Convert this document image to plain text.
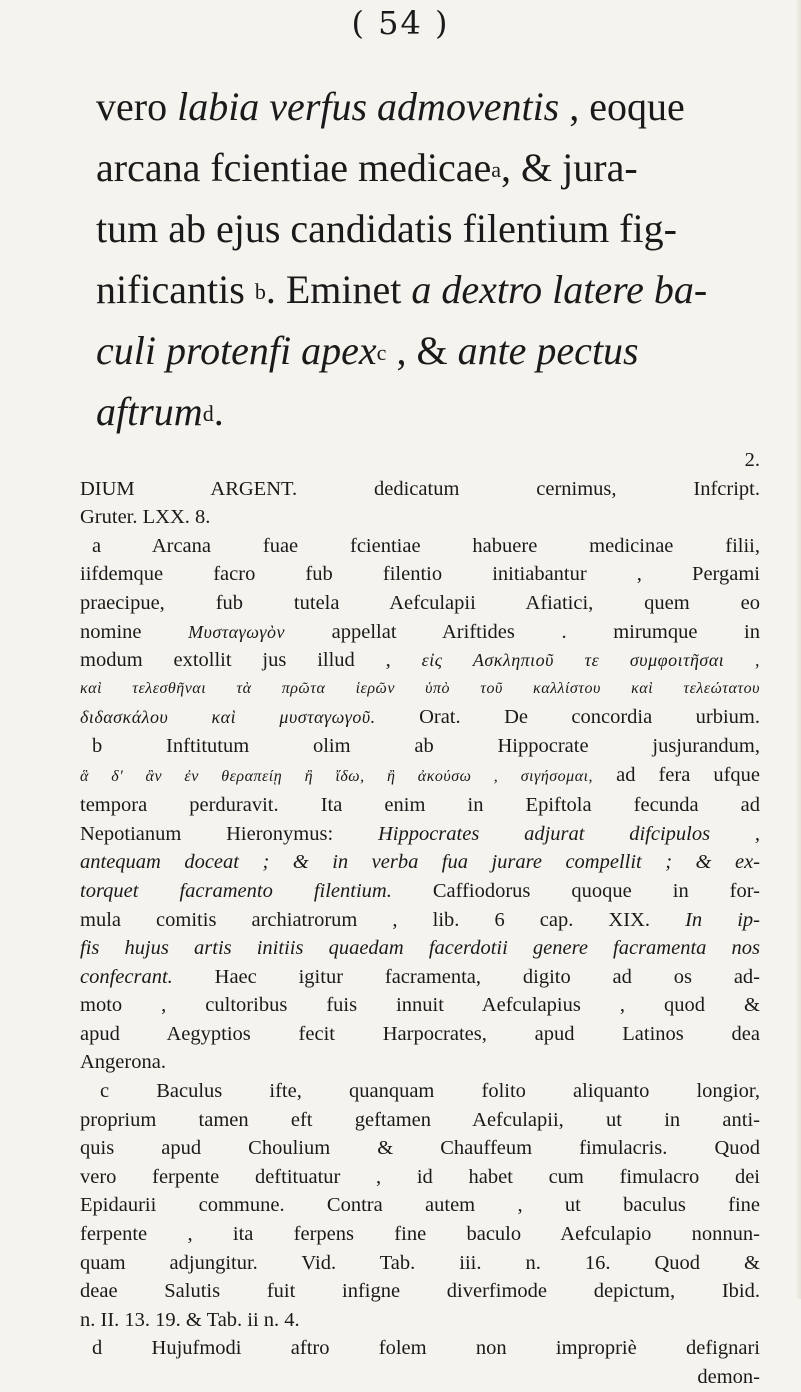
( 54 )
vero labia verfus admoventis , eoque
arcana fcientiae medicaea, & jura-
tum ab ejus candidatis filentium fig-
nificantis b. Eminet a dextro latere ba-
culi protenfi apexc , & ante pectus
aftrumd.
2.
DIUM ARGENT. dedicatum cernimus, Infcript.
Gruter. LXX. 8.
a Arcana fuae fcientiae habuere medicinae filii,
iifdemque facro fub filentio initiabantur , Pergami
praecipue, fub tutela Aefculapii Afiatici, quem eo
nomine	Μυσταγωγὸν appellat Ariftides . mirumque in
modum extollit jus illud , εἰς Ασκληπιοῦ τε συμφοιτῆσαι ,
καὶ τελεσθῆναι τὰ πρῶτα ἱερῶν ὑπὸ τοῦ καλλίστου καὶ τελεώτατου
διδασκάλου καὶ μυσταγωγοῦ. Orat. De concordia urbium.
b Inftitutum olim ab Hippocrate jusjurandum,
ἃ δ' ἂν ἐν θεραπείῃ ἢ ἴδω, ἢ ἀκούσω , σιγήσομαι, ad fera ufque
tempora perduravit. Ita enim in Epiftola fecunda ad
Nepotianum Hieronymus: Hippocrates adjurat difcipulos ,
antequam doceat ; & in verba fua jurare compellit ; & ex-
torquet facramento filentium. Caffiodorus quoque in for-
mula comitis archiatrorum , lib. 6 cap. XIX. In ip-
fis hujus artis initiis quaedam facerdotii genere facramenta nos
confecrant. Haec igitur facramenta, digito ad os ad-
moto , cultoribus fuis innuit Aefculapius , quod &
apud Aegyptios fecit Harpocrates, apud Latinos dea
Angerona.
c Baculus ifte, quanquam folito aliquanto longior,
proprium tamen eft geftamen Aefculapii, ut in anti-
quis apud Choulium & Chauffeum fimulacris. Quod
vero ferpente deftituatur , id habet cum fimulacro dei
Epidaurii commune. Contra autem , ut baculus fine
ferpente , ita ferpens fine baculo Aefculapio nonnun-
quam adjungitur. Vid. Tab. iii. n. 16. Quod &
deae Salutis fuit infigne diverfimode depictum, Ibid.
n. II. 13. 19. & Tab. ii n. 4.
d Hujufmodi aftro folem non impropriè defignari
demon-
